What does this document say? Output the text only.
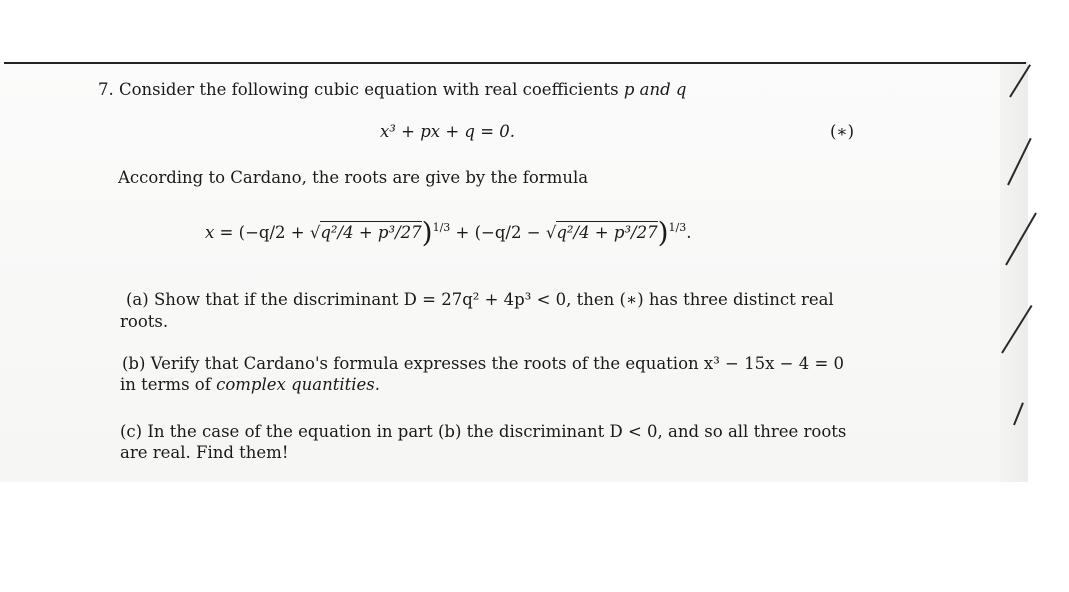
7. Consider the following cubic equation with real coefficients p and q
x³ + px + q = 0.	(∗)
According to Cardano, the roots are give by the formula
$x = (-q/2 + √q^2/4 + p^3/27)^{1/3} + (-q/2 - √q^2/4 + p^3/27)^{1/3}$.
(a) Show that if the discriminant D = 27q² + 4p³ < 0, then (∗) has three distinct real
roots.
(b) Verify that Cardano's formula expresses the roots of the equation x³ − 15x − 4 = 0
in terms of complex quantities.
(c) In the case of the equation in part (b) the discriminant D < 0, and so all three roots
are real. Find them!
